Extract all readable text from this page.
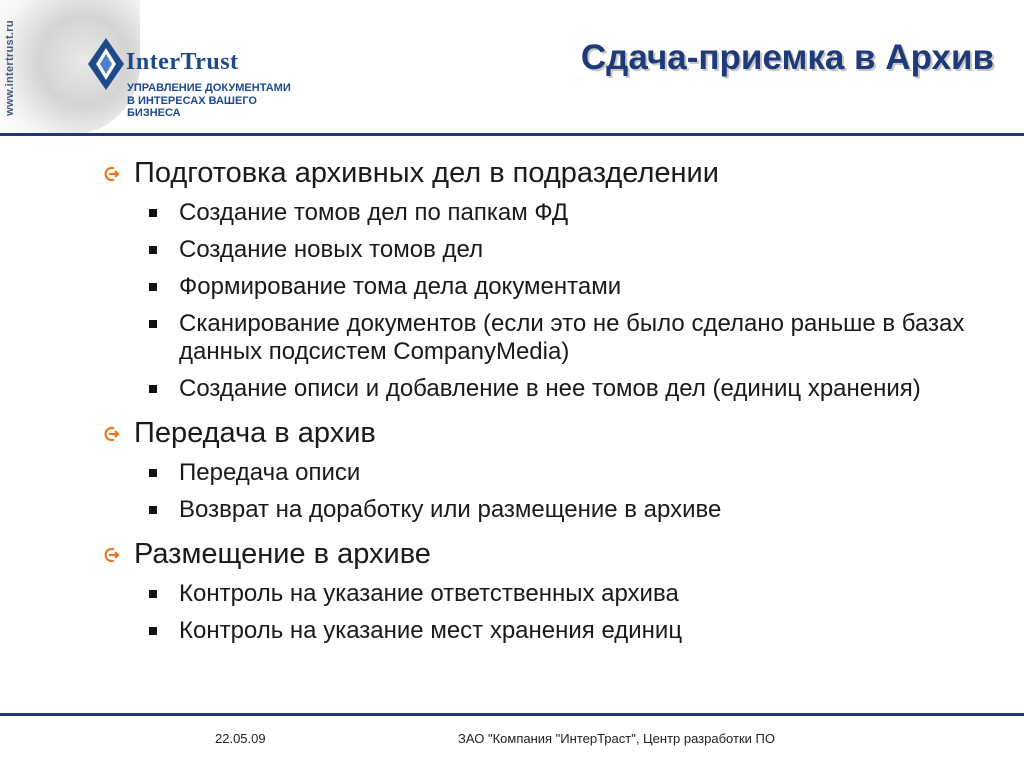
www.intertrust.ru	InterTrust
УПРАВЛЕНИЕ ДОКУМЕНТАМИ
В ИНТЕРЕСАХ ВАШЕГО БИЗНЕСА
Сдача-приемка в Архив
Подготовка архивных дел в подразделении
Создание томов дел по папкам ФД
Создание новых томов дел
Формирование тома дела документами
Сканирование документов (если это не было сделано раньше в базах данных подсистем CompanyMedia)
Создание описи и добавление в нее томов дел (единиц хранения)
Передача в архив
Передача описи
Возврат на доработку или размещение в архиве
Размещение в архиве
Контроль на указание ответственных архива
Контроль на указание мест хранения единиц
22.05.09	ЗАО "Компания "ИнтерТраст", Центр разработки ПО
